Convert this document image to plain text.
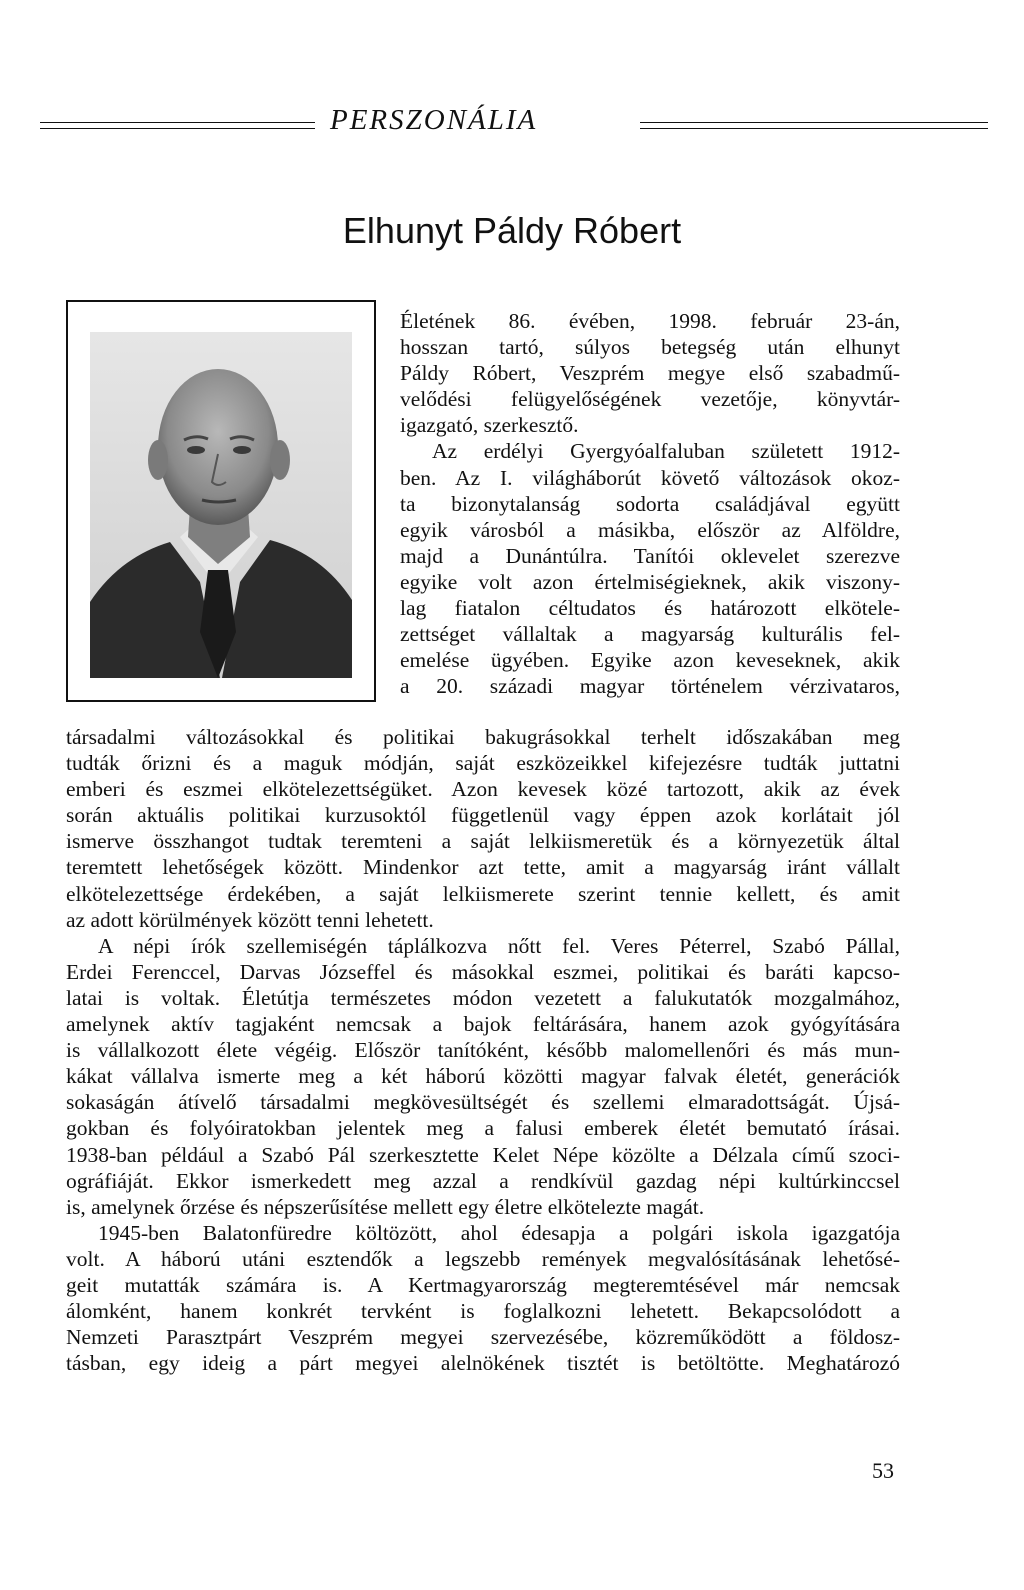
PERSZONÁLIA
Elhunyt Páldy Róbert
Életének 86. évében, 1998. február 23-án,
hosszan tartó, súlyos betegség után elhunyt
Páldy Róbert, Veszprém megye első szabadmű-
velődési felügyelőségének vezetője, könyvtár-
igazgató, szerkesztő.
Az erdélyi Gyergyóalfaluban született 1912-
ben. Az I. világháborút követő változások okoz-
ta bizonytalanság sodorta családjával együtt
egyik városból a másikba, először az Alföldre,
majd a Dunántúlra. Tanítói oklevelet szerezve
egyike volt azon értelmiségieknek, akik viszony-
lag fiatalon céltudatos és határozott elkötele-
zettséget vállaltak a magyarság kulturális fel-
emelése ügyében. Egyike azon keveseknek, akik
a 20. századi magyar történelem vérzivataros,
társadalmi változásokkal és politikai bakugrásokkal terhelt időszakában meg
tudták őrizni és a maguk módján, saját eszközeikkel kifejezésre tudták juttatni
emberi és eszmei elkötelezettségüket. Azon kevesek közé tartozott, akik az évek
során aktuális politikai kurzusoktól függetlenül vagy éppen azok korlátait jól
ismerve összhangot tudtak teremteni a saját lelkiismeretük és a környezetük által
teremtett lehetőségek között. Mindenkor azt tette, amit a magyarság iránt vállalt
elkötelezettsége érdekében, a saját lelkiismerete szerint tennie kellett, és amit
az adott körülmények között tenni lehetett.
A népi írók szellemiségén táplálkozva nőtt fel. Veres Péterrel, Szabó Pállal,
Erdei Ferenccel, Darvas Józseffel és másokkal eszmei, politikai és baráti kapcso-
latai is voltak. Életútja természetes módon vezetett a falukutatók mozgalmához,
amelynek aktív tagjaként nemcsak a bajok feltárására, hanem azok gyógyítására
is vállalkozott élete végéig. Először tanítóként, később malomellenőri és más mun-
kákat vállalva ismerte meg a két háború közötti magyar falvak életét, generációk
sokaságán átívelő társadalmi megkövesültségét és szellemi elmaradottságát. Újsá-
gokban és folyóiratokban jelentek meg a falusi emberek életét bemutató írásai.
1938-ban például a Szabó Pál szerkesztette Kelet Népe közölte a Délzala című szoci-
ográfiáját. Ekkor ismerkedett meg azzal a rendkívül gazdag népi kultúrkinccsel
is, amelynek őrzése és népszerűsítése mellett egy életre elkötelezte magát.
1945-ben Balatonfüredre költözött, ahol édesapja a polgári iskola igazgatója
volt. A háború utáni esztendők a legszebb remények megvalósításának lehetősé-
geit mutatták számára is. A Kertmagyarország megteremtésével már nemcsak
álomként, hanem konkrét tervként is foglalkozni lehetett. Bekapcsolódott a
Nemzeti Parasztpárt Veszprém megyei szervezésébe, közreműködött a földosz-
tásban, egy ideig a párt megyei alelnökének tisztét is betöltötte. Meghatározó
53
